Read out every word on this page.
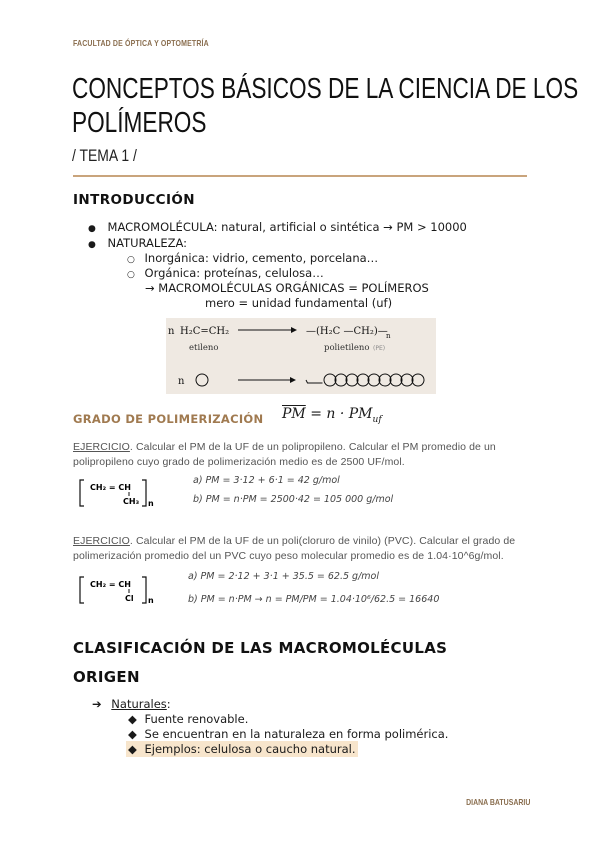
FACULTAD DE ÓPTICA Y OPTOMETRÍA
CONCEPTOS BÁSICOS DE LA CIENCIA DE LOS
POLÍMEROS
/ TEMA 1 /
INTRODUCCIÓN
● MACROMOLÉCULA: natural, artificial o sintética → PM > 10000
● NATURALEZA:
○ Inorgánica: vidrio, cemento, porcelana…
○ Orgánica: proteínas, celulosa…
→ MACROMOLÉCULAS ORGÁNICAS = POLÍMEROS
mero = unidad fundamental (uf)
n H₂C=CH₂
etileno
—(H₂C —CH₂)—
n
polietileno (PE)
n
GRADO DE POLIMERIZACIÓN $\overline{PM} = n \cdot PM_{uf}$
EJERCICIO. Calcular el PM de la UF de un polipropileno. Calcular el PM promedio de un polipropileno cuyo grado de polimerización medio es de 2500 UF/mol.
CH₂ = CH
CH₃ n
a) PM = 3·12 + 6·1 = 42 g/mol
b) PM = n·PM = 2500·42 = 105 000 g/mol
EJERCICIO. Calcular el PM de la UF de un poli(cloruro de vinilo) (PVC). Calcular el grado de polimerización promedio del un PVC cuyo peso molecular promedio es de 1.04·10^6g/mol.
CH₂ = CH
Cl n
a) PM = 2·12 + 3·1 + 35.5 = 62.5 g/mol
b) PM = n·PM → n = PM/PM = 1.04·10⁶/62.5 = 16640
CLASIFICACIÓN DE LAS MACROMOLÉCULAS
ORIGEN
➔ Naturales:
◆ Fuente renovable.
◆ Se encuentran en la naturaleza en forma polimérica.
◆ Ejemplos: celulosa o caucho natural.
DIANA BATUSARIU
